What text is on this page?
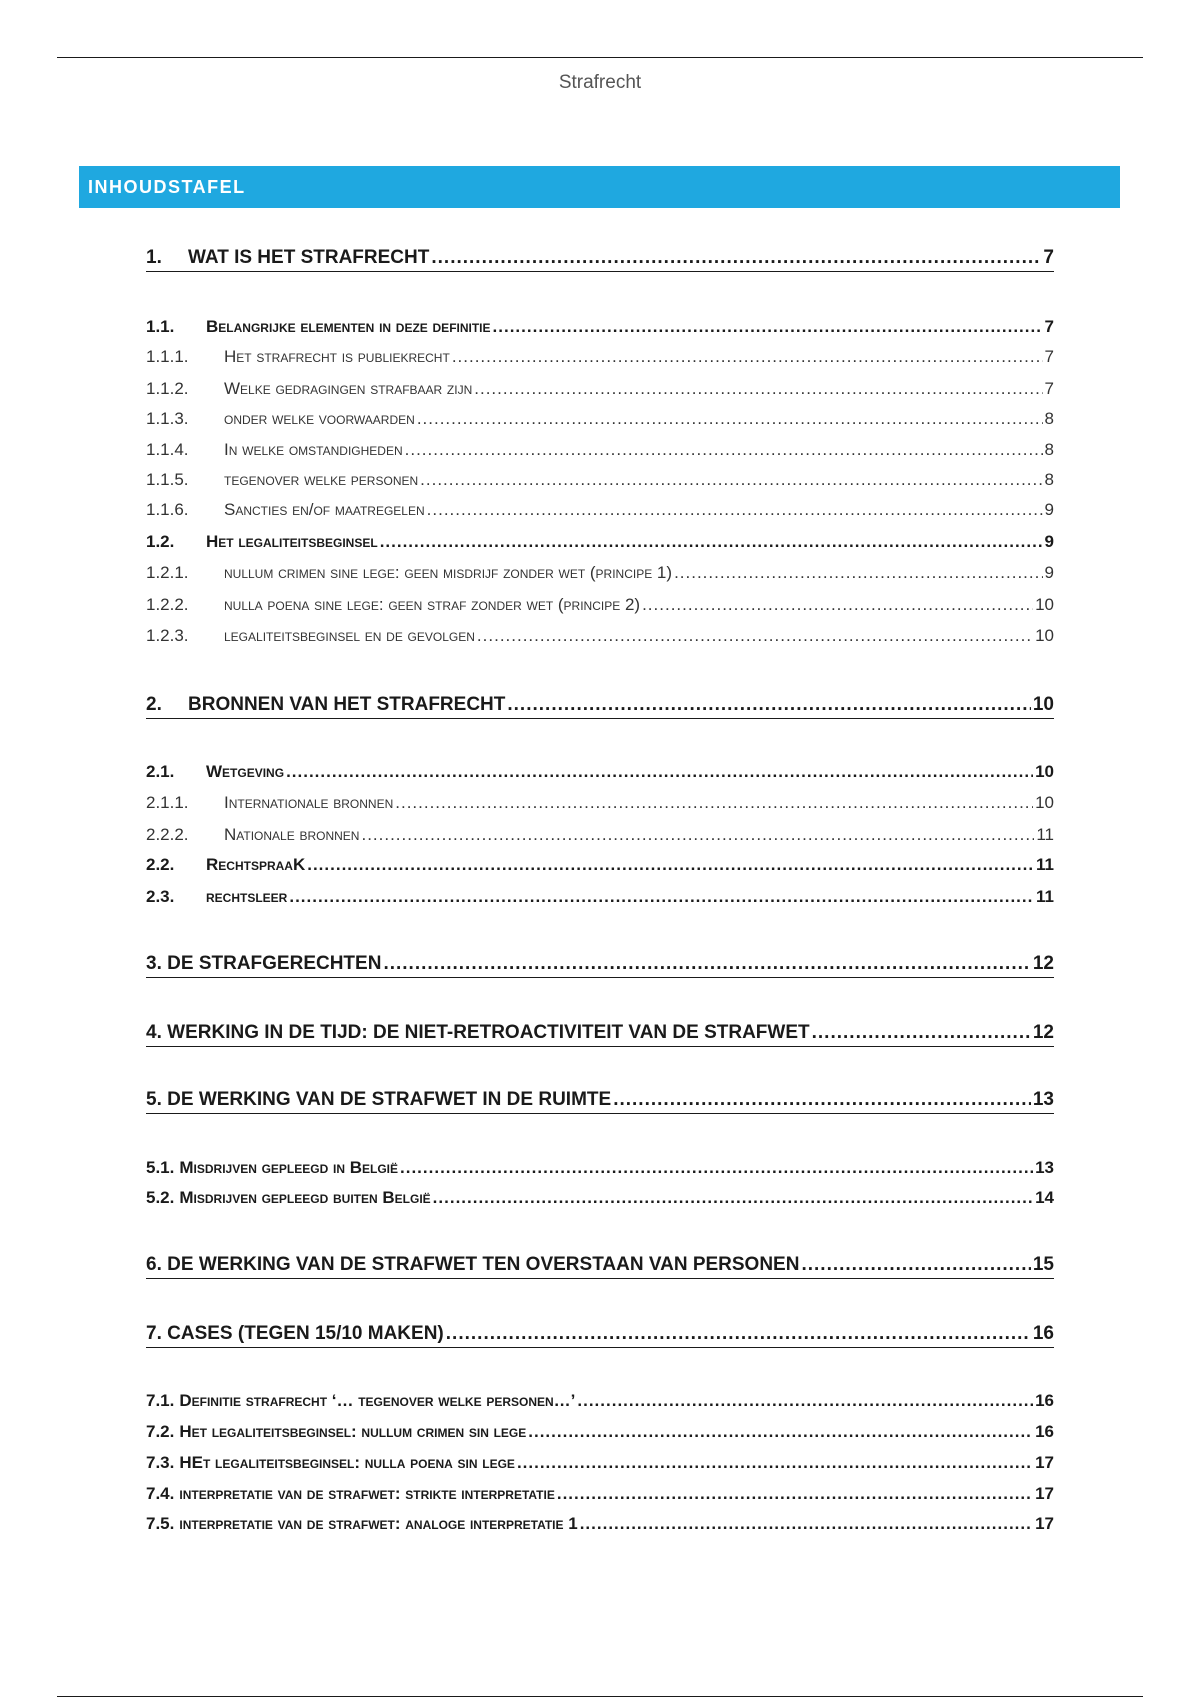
Strafrecht
INHOUDSTAFEL
1.	WAT IS HET STRAFRECHT .....	7
1.1.	Belangrijke elementen in deze definitie .....	7
1.1.1.	Het strafrecht is publiekrecht .....	7
1.1.2.	Welke gedragingen strafbaar zijn .....	7
1.1.3.	onder welke voorwaarden .....	8
1.1.4.	In welke omstandigheden .....	8
1.1.5.	tegenover welke personen .....	8
1.1.6.	Sancties en/of maatregelen .....	9
1.2.	Het legaliteitsbeginsel .....	9
1.2.1.	nullum crimen sine lege: geen misdrijf zonder wet (principe 1) .....	9
1.2.2.	nulla poena sine lege: geen straf zonder wet (principe 2) .....	10
1.2.3.	legaliteitsbeginsel en de gevolgen .....	10
2.	BRONNEN VAN HET STRAFRECHT .....	10
2.1.	Wetgeving .....	10
2.1.1.	Internationale bronnen .....	10
2.2.2.	Nationale bronnen .....	11
2.2.	RechtspraaK .....	11
2.3.	rechtsleer .....	11
3.
DE STRAFGERECHTEN .....	12
4.
WERKING IN DE TIJD: DE NIET-RETROACTIVITEIT VAN DE STRAFWET .....	12
5.
DE WERKING VAN DE STRAFWET IN DE RUIMTE .....	13
5.1. Misdrijven gepleegd in België .....	13
5.2. Misdrijven gepleegd buiten België .....	14
6.
DE WERKING VAN DE STRAFWET TEN OVERSTAAN VAN PERSONEN .....	15
7.
CASES (TEGEN 15/10 MAKEN) .....	16
7.1. Definitie strafrecht ‘… tegenover welke personen…’ .....	16
7.2. Het legaliteitsbeginsel: nullum crimen sin lege .....	16
7.3. HEt legaliteitsbeginsel: nulla poena sin lege .....	17
7.4. interpretatie van de strafwet: strikte interpretatie .....	17
7.5. interpretatie van de strafwet: analoge interpretatie 1 .....	17
